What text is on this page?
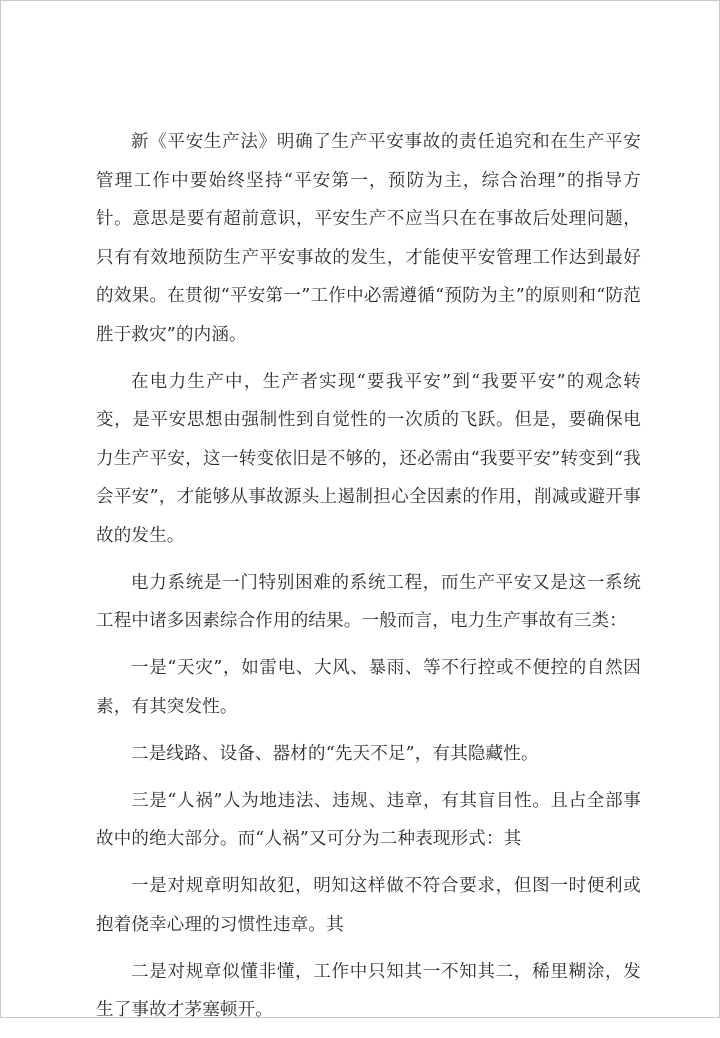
新《平安生产法》明确了生产平安事故的责任追究和在生产平安管理工作中要始终坚持“平安第一，预防为主，综合治理”的指导方针。意思是要有超前意识，平安生产不应当只在在事故后处理问题，只有有效地预防生产平安事故的发生，才能使平安管理工作达到最好的效果。在贯彻“平安第一”工作中必需遵循“预防为主”的原则和“防范胜于救灾”的内涵。

在电力生产中，生产者实现“要我平安”到“我要平安”的观念转变，是平安思想由强制性到自觉性的一次质的飞跃。但是，要确保电力生产平安，这一转变依旧是不够的，还必需由“我要平安”转变到“我会平安”，才能够从事故源头上遏制担心全因素的作用，削减或避开事故的发生。

电力系统是一门特别困难的系统工程，而生产平安又是这一系统工程中诸多因素综合作用的结果。一般而言，电力生产事故有三类：

一是“天灾”，如雷电、大风、暴雨、等不行控或不便控的自然因素，有其突发性。

二是线路、设备、器材的“先天不足”，有其隐藏性。

三是“人祸”人为地违法、违规、违章，有其盲目性。且占全部事故中的绝大部分。而“人祸”又可分为二种表现形式：其

一是对规章明知故犯，明知这样做不符合要求，但图一时便利或抱着侥幸心理的习惯性违章。其

二是对规章似懂非懂，工作中只知其一不知其二，稀里糊涂，发生了事故才茅塞顿开。
